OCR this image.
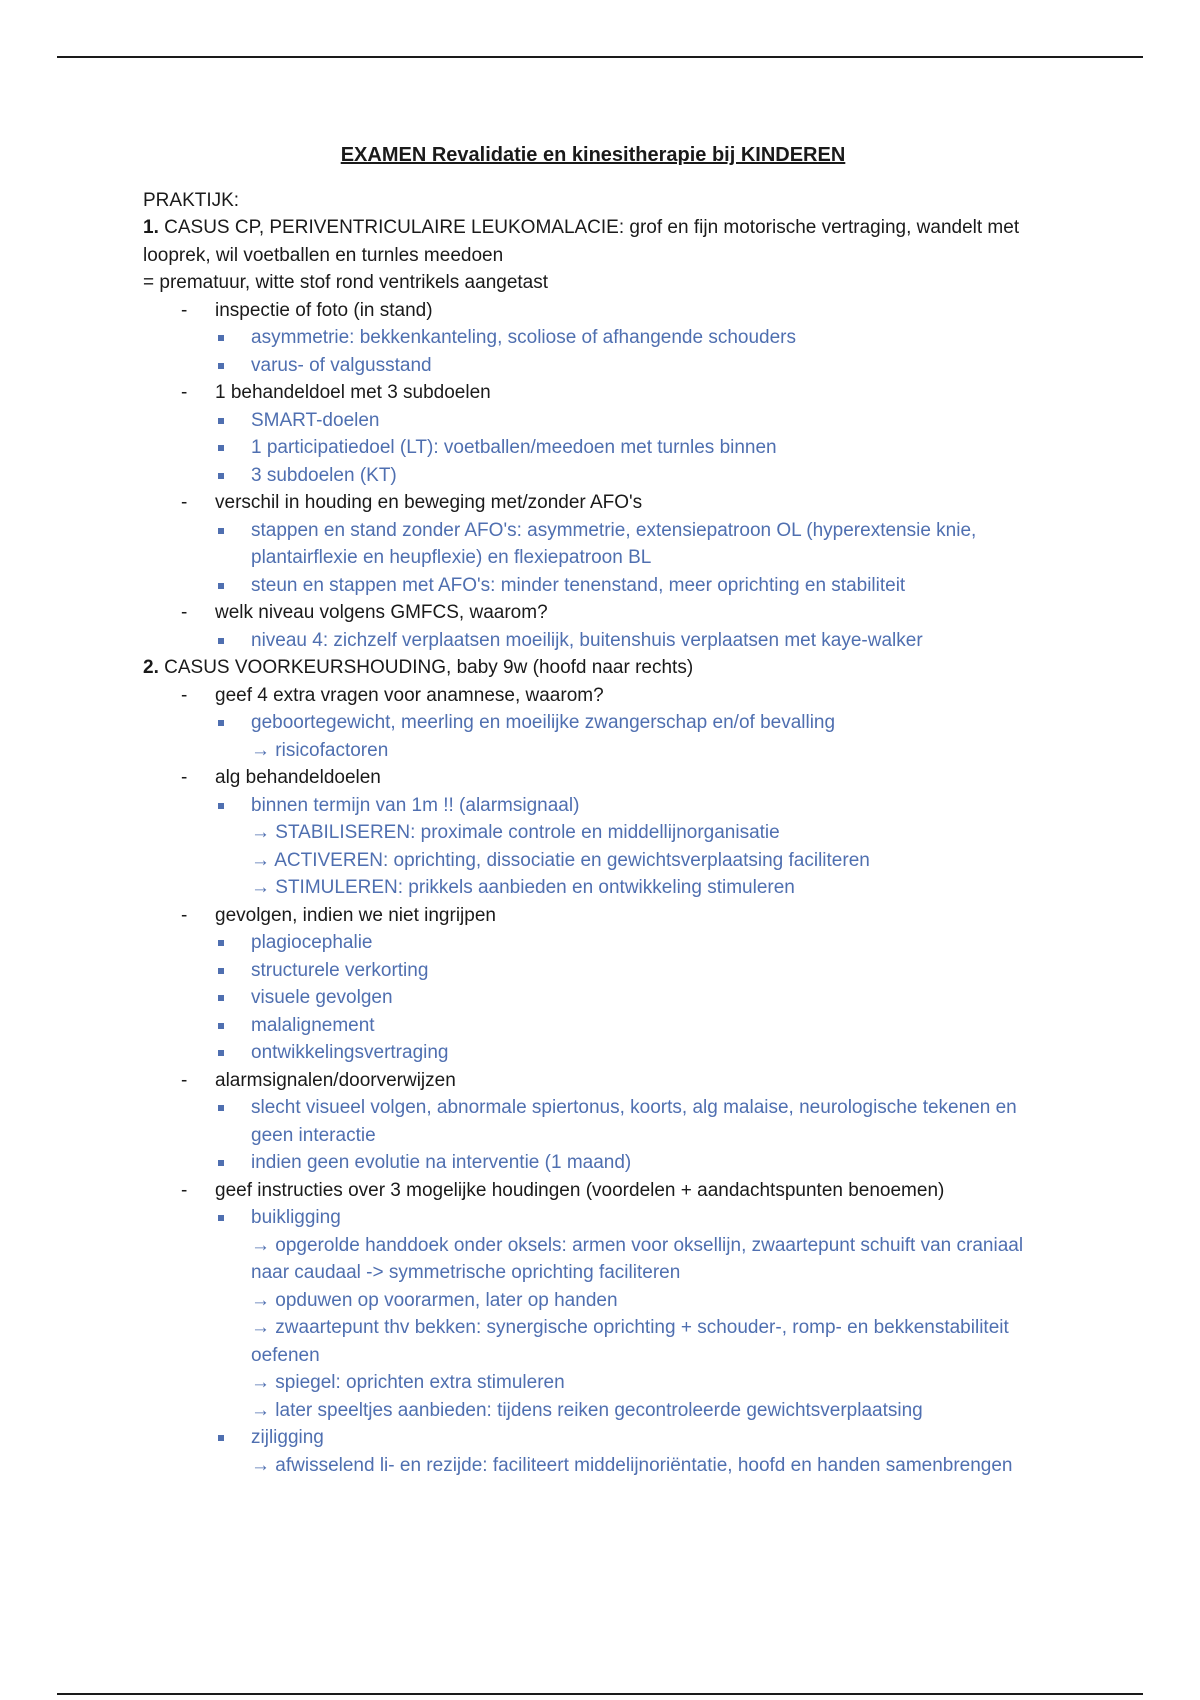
EXAMEN Revalidatie en kinesitherapie bij KINDEREN
PRAKTIJK:
1. CASUS CP, PERIVENTRICULAIRE LEUKOMALACIE: grof en fijn motorische vertraging, wandelt met looprek, wil voetballen en turnles meedoen
= prematuur, witte stof rond ventrikels aangetast
- inspectie of foto (in stand)
asymmetrie: bekkenkanteling, scoliose of afhangende schouders
varus- of valgusstand
- 1 behandeldoel met 3 subdoelen
SMART-doelen
1 participatiedoel (LT): voetballen/meedoen met turnles binnen
3 subdoelen (KT)
- verschil in houding en beweging met/zonder AFO's
stappen en stand zonder AFO's: asymmetrie, extensiepatroon OL (hyperextensie knie, plantairflexie en heupflexie) en flexiepatroon BL
steun en stappen met AFO's: minder tenenstand, meer oprichting en stabiliteit
- welk niveau volgens GMFCS, waarom?
niveau 4: zichzelf verplaatsen moeilijk, buitenshuis verplaatsen met kaye-walker
2. CASUS VOORKEURSHOUDING, baby 9w (hoofd naar rechts)
- geef 4 extra vragen voor anamnese, waarom?
geboortegewicht, meerling en moeilijke zwangerschap en/of bevalling
→ risicofactoren
- alg behandeldoelen
binnen termijn van 1m !! (alarmsignaal)
→ STABILISEREN: proximale controle en middellijnorganisatie
→ ACTIVEREN: oprichting, dissociatie en gewichtsverplaatsing faciliteren
→ STIMULEREN: prikkels aanbieden en ontwikkeling stimuleren
- gevolgen, indien we niet ingrijpen
plagiocephalie
structurele verkorting
visuele gevolgen
malalignement
ontwikkelingsvertraging
- alarmsignalen/doorverwijzen
slecht visueel volgen, abnormale spiertonus, koorts, alg malaise, neurologische tekenen en geen interactie
indien geen evolutie na interventie (1 maand)
- geef instructies over 3 mogelijke houdingen (voordelen + aandachtspunten benoemen)
buikligging
→ opgerolde handdoek onder oksels: armen voor oksellijn, zwaartepunt schuift van craniaal naar caudaal -> symmetrische oprichting faciliteren
→ opduwen op voorarmen, later op handen
→ zwaartepunt thv bekken: synergische oprichting + schouder-, romp- en bekkenstabiliteit oefenen
→ spiegel: oprichten extra stimuleren
→ later speeltjes aanbieden: tijdens reiken gecontroleerde gewichtsverplaatsing
zijligging
→ afwisselend li- en rezijde: faciliteert middelijnoriëntatie, hoofd en handen samenbrengen
